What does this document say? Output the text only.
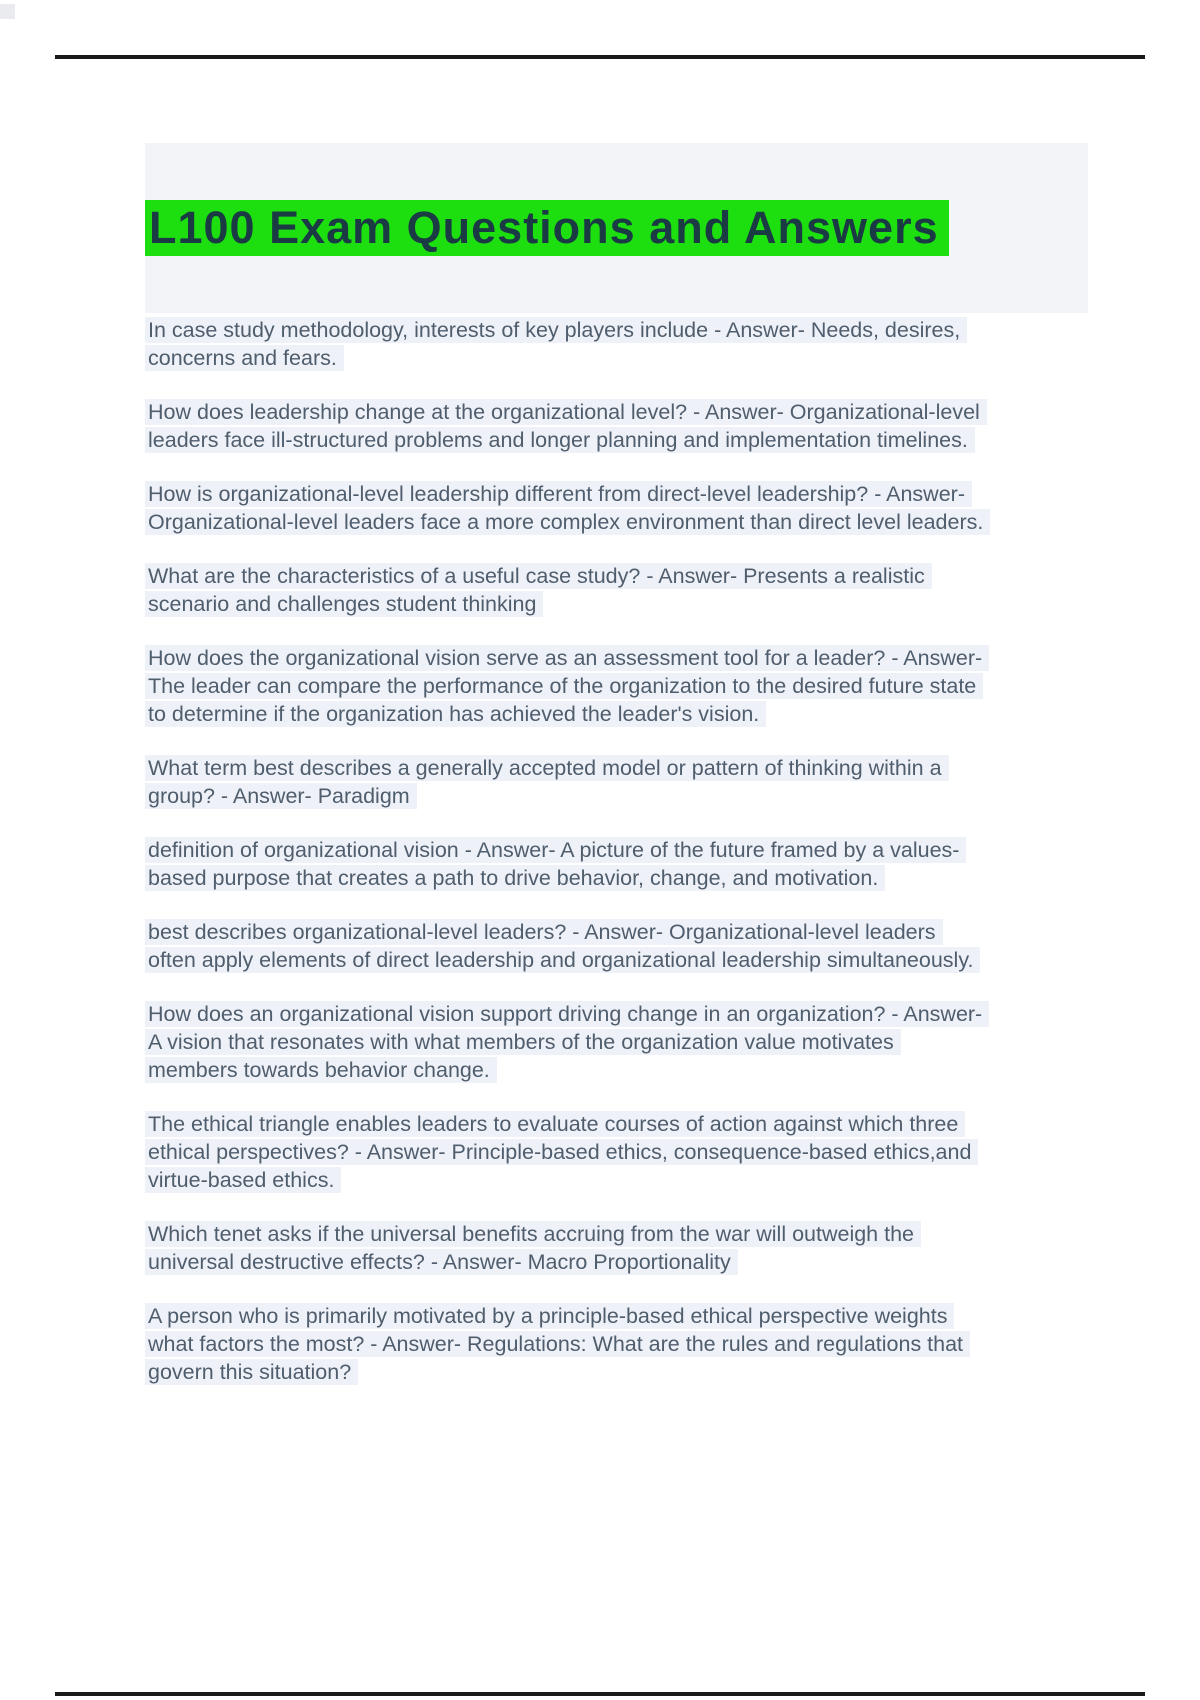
L100 Exam Questions and Answers

In case study methodology, interests of key players include - Answer- Needs, desires,
concerns and fears.

How does leadership change at the organizational level? - Answer- Organizational-level
leaders face ill-structured problems and longer planning and implementation timelines.

How is organizational-level leadership different from direct-level leadership? - Answer-
Organizational-level leaders face a more complex environment than direct level leaders.

What are the characteristics of a useful case study? - Answer- Presents a realistic
scenario and challenges student thinking

How does the organizational vision serve as an assessment tool for a leader? - Answer-
The leader can compare the performance of the organization to the desired future state
to determine if the organization has achieved the leader's vision.

What term best describes a generally accepted model or pattern of thinking within a
group? - Answer- Paradigm

definition of organizational vision - Answer- A picture of the future framed by a values-
based purpose that creates a path to drive behavior, change, and motivation.

best describes organizational-level leaders? - Answer- Organizational-level leaders
often apply elements of direct leadership and organizational leadership simultaneously.

How does an organizational vision support driving change in an organization? - Answer-
A vision that resonates with what members of the organization value motivates
members towards behavior change.

The ethical triangle enables leaders to evaluate courses of action against which three
ethical perspectives? - Answer- Principle-based ethics, consequence-based ethics,and
virtue-based ethics.

Which tenet asks if the universal benefits accruing from the war will outweigh the
universal destructive effects? - Answer- Macro Proportionality

A person who is primarily motivated by a principle-based ethical perspective weights
what factors the most? - Answer- Regulations: What are the rules and regulations that
govern this situation?
